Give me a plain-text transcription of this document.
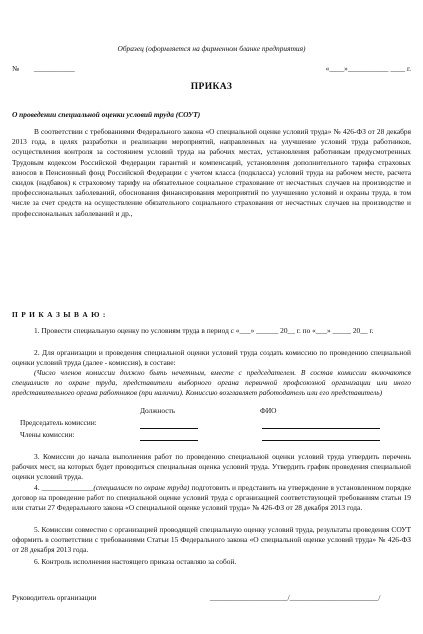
Образец (оформляется на фирменном бланке предприятия)
№ ___________	«____»___________ ____ г.
ПРИКАЗ
О проведении специальной оценки условий труда (СОУТ)
В соответствии с требованиями Федерального закона «О специальной оценке условий труда» № 426-ФЗ от 28 декабря 2013 года, в целях разработки и реализации мероприятий, направленных на улучшение условий труда работников, осуществления контроля за состоянием условий труда на рабочих местах, установления работникам предусмотренных Трудовым кодексом Российской Федерации гарантий и компенсаций, установления дополнительного тарифа страховых взносов в Пенсионный фонд Российской Федерации с учетом класса (подкласса) условий труда на рабочем месте, расчета скидок (надбавок) к страховому тарифу на обязательное социальное страхование от несчастных случаев на производстве и профессиональных заболеваний, обоснования финансирования мероприятий по улучшению условий и охраны труда, в том числе за счет средств на осуществление обязательного социального страхования от несчастных случаев на производстве и профессиональных заболеваний и др.,
П Р И К А З Ы В А Ю :
1. Провести специальную оценку по условиям труда в период с «___» ______ 20__ г. по «___» _____ 20__ г.
2. Для организации и проведения специальной оценки условий труда создать комиссию по проведению специальной оценки условий труда (далее - комиссия), в составе:
(Число членов комиссии должно быть нечетным, вместе с председателем. В состав комиссии включаются специалист по охране труда, представители выборного органа первичной профсоюзной организации или иного представительного органа работников (при наличии). Комиссию возглавляет работодатель или его представитель)
Должность	ФИО
Председатель комиссии:
Члены комиссии:
3. Комиссии до начала выполнения работ по проведению специальной оценки условий труда утвердить перечень рабочих мест, на которых будет проводиться специальная оценка условий труда. Утвердить график проведения специальной оценки условий труда.
4. ______________(специалист по охране труда) подготовить и представить на утверждение в установленном порядке договор на проведение работ по специальной оценке условий труда с организацией соответствующей требованиям статьи 19 или статьи 27 Федерального закона «О специальной оценке условий труда» № 426-ФЗ от 28 декабря 2013 года.
5. Комиссии совместно с организацией проводящей специальную оценку условий труда, результаты проведения СОУТ оформить в соответствии с требованиями Статьи 15 Федерального закона «О специальной оценке условий труда» № 426-ФЗ от 28 декабря 2013 года.
6. Контроль исполнения настоящего приказа оставляю за собой.
Руководитель организации	_____________________/________________________/
